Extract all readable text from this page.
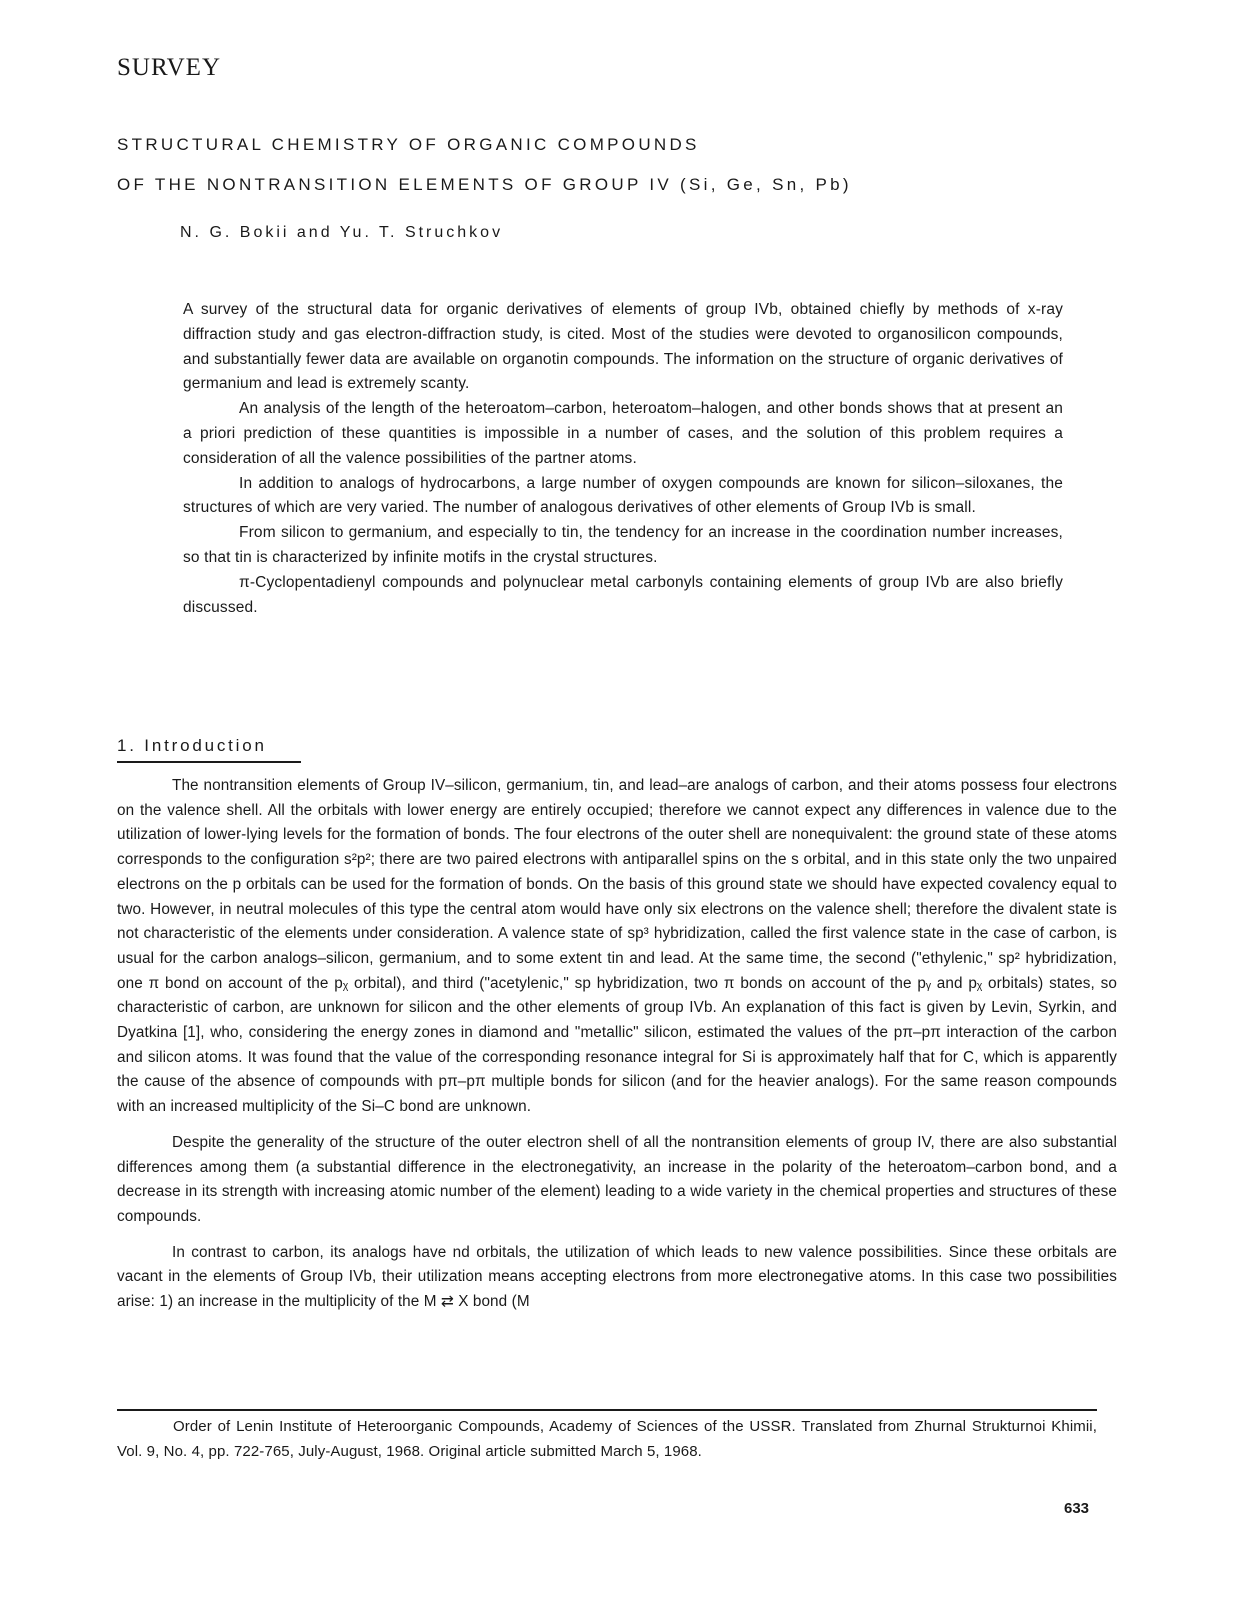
SURVEY
STRUCTURAL CHEMISTRY OF ORGANIC COMPOUNDS
OF THE NONTRANSITION ELEMENTS OF GROUP IV (Si, Ge, Sn, Pb)
N. G. Bokii and Yu. T. Struchkov

A survey of the structural data for organic derivatives of elements of group IVb, obtained chiefly by methods of x-ray diffraction study and gas electron-diffraction study, is cited. Most of the studies were devoted to organosilicon compounds, and substantially fewer data are available on organotin compounds. The information on the structure of organic derivatives of germanium and lead is extremely scanty.

An analysis of the length of the heteroatom–carbon, heteroatom–halogen, and other bonds shows that at present an a priori prediction of these quantities is impossible in a number of cases, and the solution of this problem requires a consideration of all the valence possibilities of the partner atoms.

In addition to analogs of hydrocarbons, a large number of oxygen compounds are known for silicon–siloxanes, the structures of which are very varied. The number of analogous derivatives of other elements of Group IVb is small.

From silicon to germanium, and especially to tin, the tendency for an increase in the coordination number increases, so that tin is characterized by infinite motifs in the crystal structures.

π-Cyclopentadienyl compounds and polynuclear metal carbonyls containing elements of group IVb are also briefly discussed.

1. Introduction

The nontransition elements of Group IV–silicon, germanium, tin, and lead–are analogs of carbon, and their atoms possess four electrons on the valence shell. All the orbitals with lower energy are entirely occupied; therefore we cannot expect any differences in valence due to the utilization of lower-lying levels for the formation of bonds. The four electrons of the outer shell are nonequivalent: the ground state of these atoms corresponds to the configuration s²p²; there are two paired electrons with antiparallel spins on the s orbital, and in this state only the two unpaired electrons on the p orbitals can be used for the formation of bonds. On the basis of this ground state we should have expected covalency equal to two. However, in neutral molecules of this type the central atom would have only six electrons on the valence shell; therefore the divalent state is not characteristic of the elements under consideration. A valence state of sp³ hybridization, called the first valence state in the case of carbon, is usual for the carbon analogs–silicon, germanium, and to some extent tin and lead. At the same time, the second ("ethylenic," sp² hybridization, one π bond on account of the pᵪ orbital), and third ("acetylenic," sp hybridization, two π bonds on account of the pᵧ and pᵪ orbitals) states, so characteristic of carbon, are unknown for silicon and the other elements of group IVb. An explanation of this fact is given by Levin, Syrkin, and Dyatkina [1], who, considering the energy zones in diamond and "metallic" silicon, estimated the values of the pπ–pπ interaction of the carbon and silicon atoms. It was found that the value of the corresponding resonance integral for Si is approximately half that for C, which is apparently the cause of the absence of compounds with pπ–pπ multiple bonds for silicon (and for the heavier analogs). For the same reason compounds with an increased multiplicity of the Si–C bond are unknown.

Despite the generality of the structure of the outer electron shell of all the nontransition elements of group IV, there are also substantial differences among them (a substantial difference in the electronegativity, an increase in the polarity of the heteroatom–carbon bond, and a decrease in its strength with increasing atomic number of the element) leading to a wide variety in the chemical properties and structures of these compounds.

In contrast to carbon, its analogs have nd orbitals, the utilization of which leads to new valence possibilities. Since these orbitals are vacant in the elements of Group IVb, their utilization means accepting electrons from more electronegative atoms. In this case two possibilities arise: 1) an increase in the multiplicity of the M ⇄ X bond (M

Order of Lenin Institute of Heteroorganic Compounds, Academy of Sciences of the USSR. Translated from Zhurnal Strukturnoi Khimii, Vol. 9, No. 4, pp. 722-765, July-August, 1968. Original article submitted March 5, 1968.
633
